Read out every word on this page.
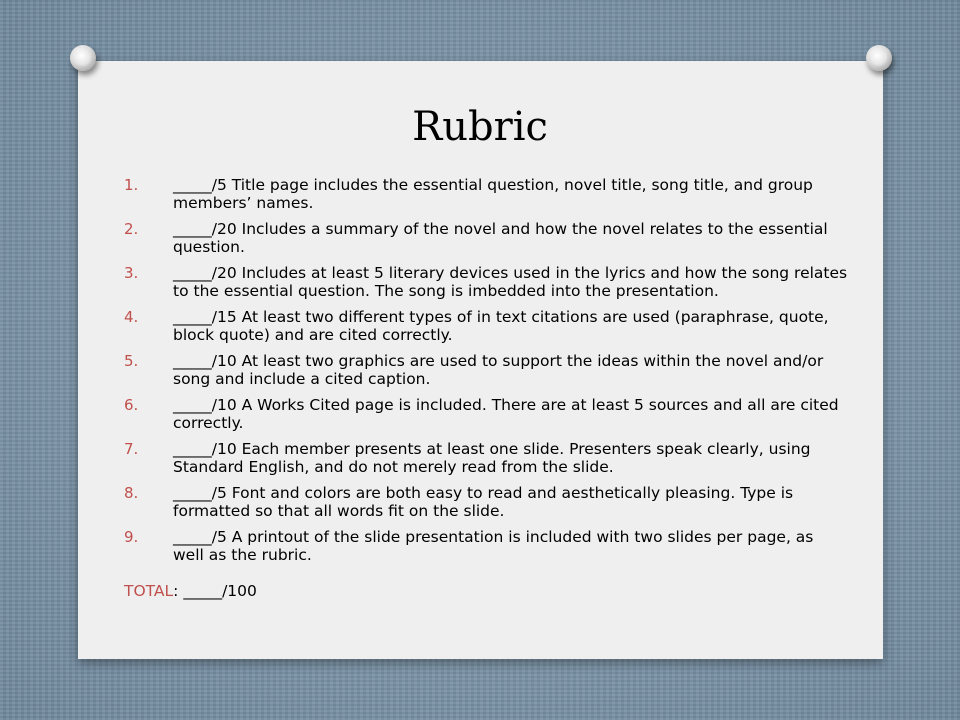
Rubric
1. _____/5 Title page includes the essential question, novel title, song title, and group members’ names.
2. _____/20 Includes a summary of the novel and how the novel relates to the essential question.
3. _____/20 Includes at least 5 literary devices used in the lyrics and how the song relates to the essential question. The song is imbedded into the presentation.
4. _____/15 At least two different types of in text citations are used (paraphrase, quote, block quote) and are cited correctly.
5. _____/10 At least two graphics are used to support the ideas within the novel and/or song and include a cited caption.
6. _____/10 A Works Cited page is included. There are at least 5 sources and all are cited correctly.
7. _____/10 Each member presents at least one slide. Presenters speak clearly, using Standard English, and do not merely read from the slide.
8. _____/5 Font and colors are both easy to read and aesthetically pleasing. Type is formatted so that all words fit on the slide.
9. _____/5 A printout of the slide presentation is included with two slides per page, as well as the rubric.
TOTAL: _____/100
